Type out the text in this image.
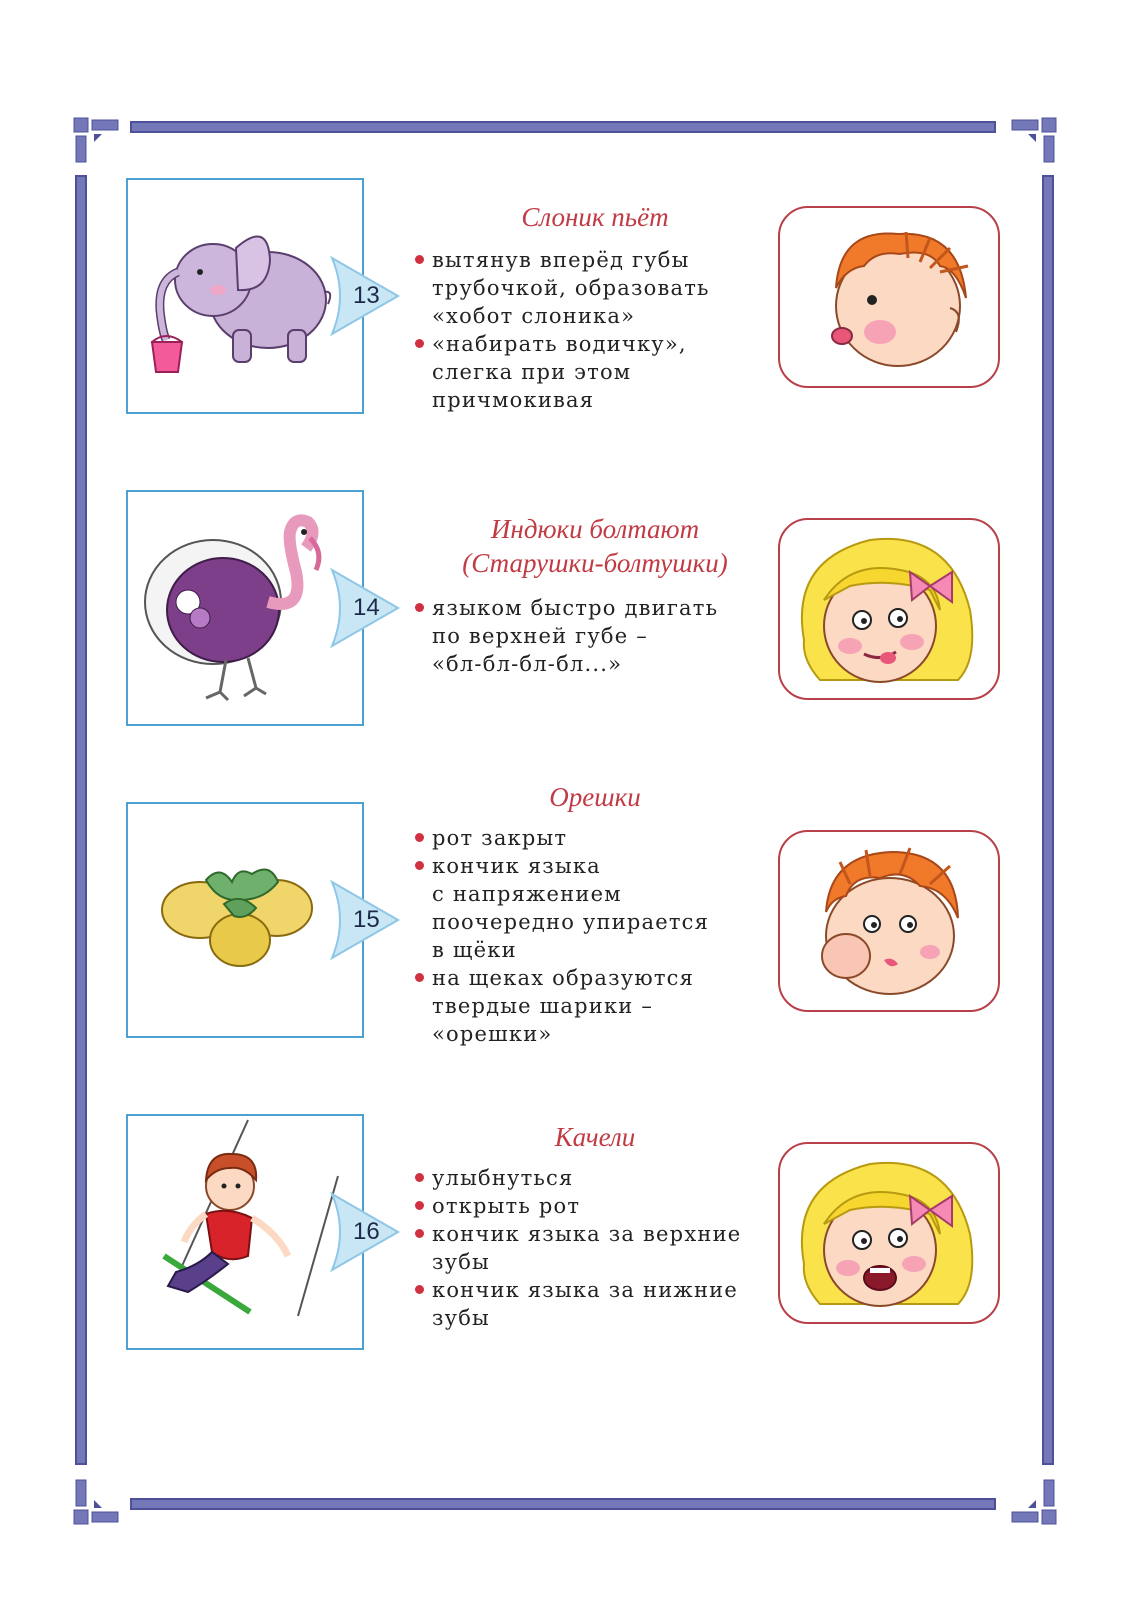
13
Слоник пьёт
вытянув вперёд губы
трубочкой, образовать
«хобот слоника»
«набирать водичку»,
слегка при этом
причмокивая
14
Индюки болтают
(Старушки-болтушки)
языком быстро двигать
по верхней губе –
«бл-бл-бл-бл...»
15
Орешки
рот закрыт
кончик языка
с напряжением
поочередно упирается
в щёки
на щеках образуются
твердые шарики –
«орешки»
16
Качели
улыбнуться
открыть рот
кончик языка за верхние
зубы
кончик языка за нижние
зубы
